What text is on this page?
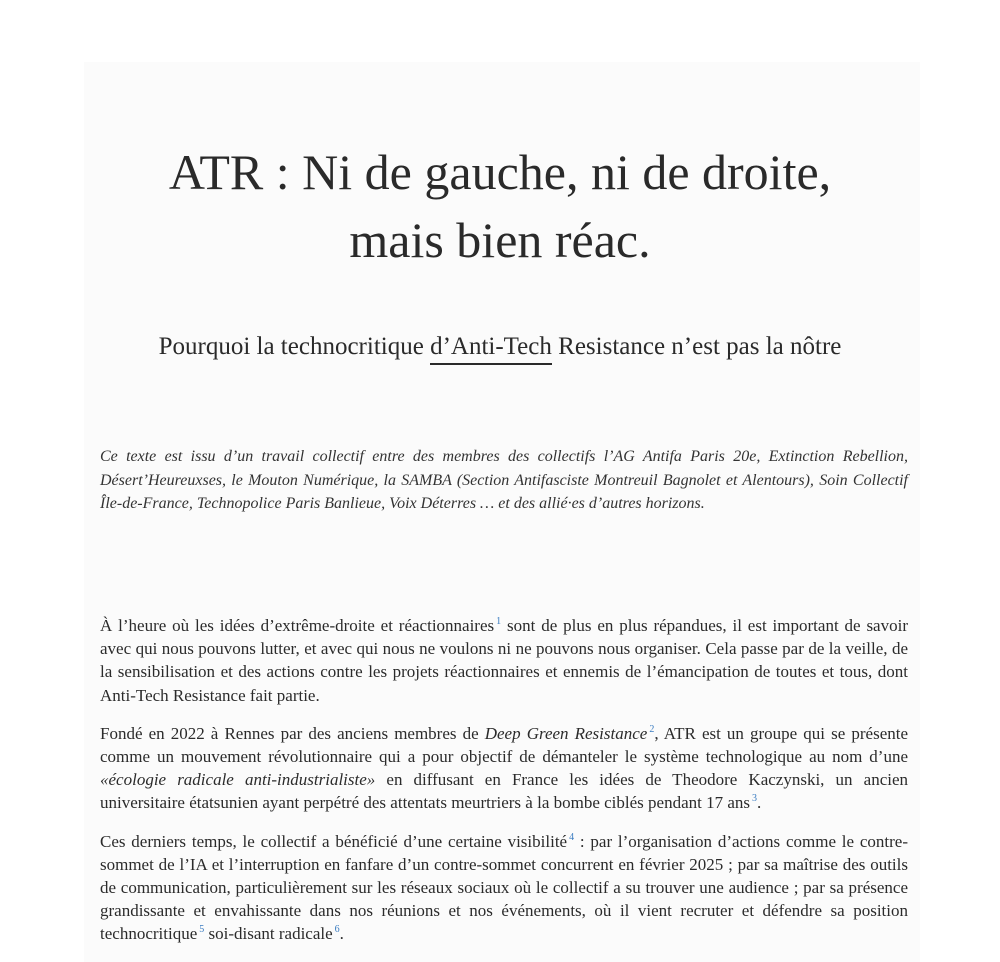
ATR : Ni de gauche, ni de droite,
mais bien réac.
Pourquoi la technocritique d’Anti-Tech Resistance n’est pas la nôtre
Ce texte est issu d’un travail collectif entre des membres des collectifs l’AG Antifa Paris 20e, Extinction Rebellion, Désert’Heureuxses, le Mouton Numérique, la SAMBA (Section Antifasciste Montreuil Bagnolet et Alentours), Soin Collectif Île-de-France, Technopolice Paris Banlieue, Voix Déterres … et des allié·es d’autres horizons.

À l’heure où les idées d’extrême-droite et réactionnaires $^1$ sont de plus en plus répandues, il est important de savoir avec qui nous pouvons lutter, et avec qui nous ne voulons ni ne pouvons nous organiser. Cela passe par de la veille, de la sensibilisation et des actions contre les projets réactionnaires et ennemis de l’émancipation de toutes et tous, dont Anti-Tech Resistance fait partie.

Fondé en 2022 à Rennes par des anciens membres de Deep Green Resistance $^2$, ATR est un groupe qui se présente comme un mouvement révolutionnaire qui a pour objectif de démanteler le système technologique au nom d’une «écologie radicale anti-industrialiste» en diffusant en France les idées de Theodore Kaczynski, un ancien universitaire étatsunien ayant perpétré des attentats meurtriers à la bombe ciblés pendant 17 ans $^3$.

Ces derniers temps, le collectif a bénéficié d’une certaine visibilité $^4$ : par l’organisation d’actions comme le contre-sommet de l’IA et l’interruption en fanfare d’un contre-sommet concurrent en février 2025 ; par sa maîtrise des outils de communication, particulièrement sur les réseaux sociaux où le collectif a su trouver une audience ; par sa présence grandissante et envahissante dans nos réunions et nos événements, où il vient recruter et défendre sa position technocritique $^5$ soi-disant radicale $^6$.
